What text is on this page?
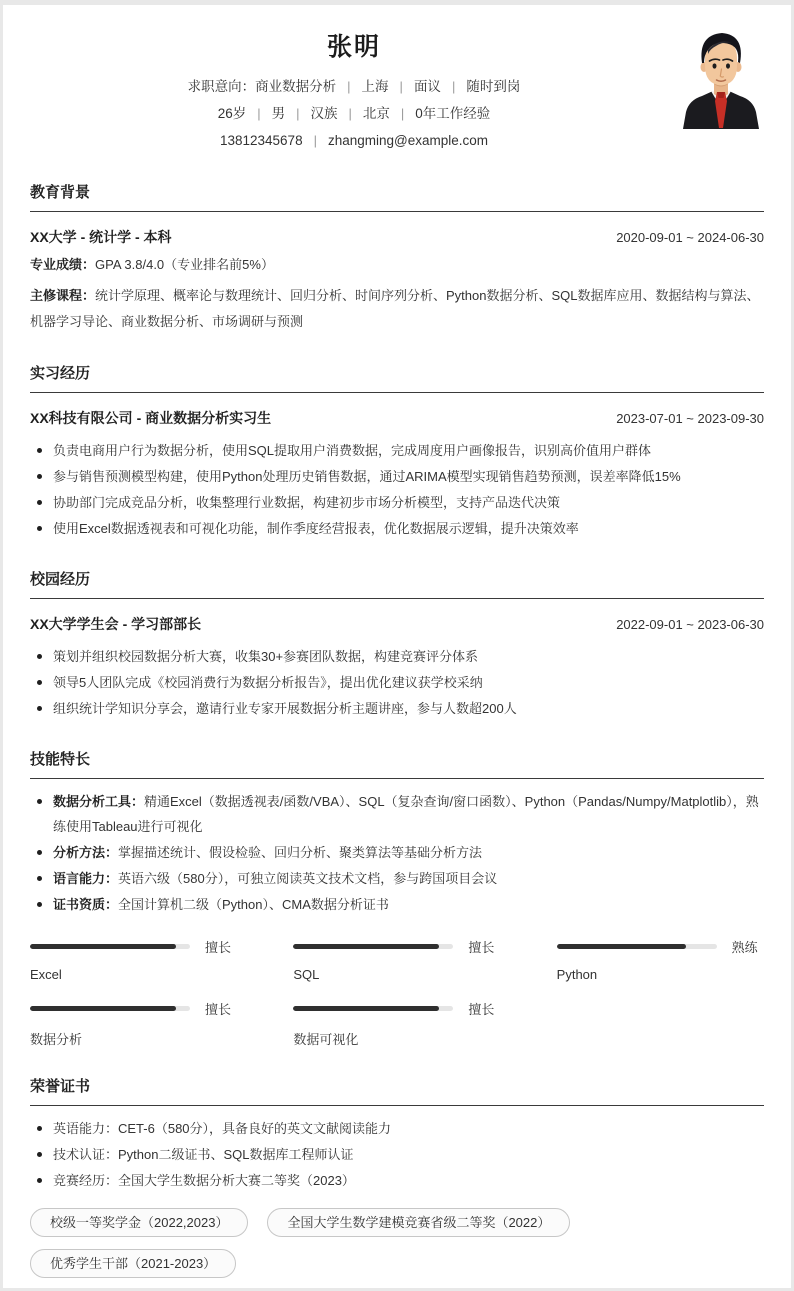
张明
求职意向：商业数据分析 | 上海 | 面议 | 随时到岗
26岁 | 男 | 汉族 | 北京 | 0年工作经验
13812345678 | zhangming@example.com
教育背景
XX大学 - 统计学 - 本科	2020-09-01 ~ 2024-06-30
专业成绩：GPA 3.8/4.0（专业排名前5%）
主修课程：统计学原理、概率论与数理统计、回归分析、时间序列分析、Python数据分析、SQL数据库应用、数据结构与算法、机器学习导论、商业数据分析、市场调研与预测
实习经历
XX科技有限公司 - 商业数据分析实习生	2023-07-01 ~ 2023-09-30
负责电商用户行为数据分析，使用SQL提取用户消费数据，完成周度用户画像报告，识别高价值用户群体
参与销售预测模型构建，使用Python处理历史销售数据，通过ARIMA模型实现销售趋势预测，误差率降低15%
协助部门完成竞品分析，收集整理行业数据，构建初步市场分析模型，支持产品迭代决策
使用Excel数据透视表和可视化功能，制作季度经营报表，优化数据展示逻辑，提升决策效率
校园经历
XX大学学生会 - 学习部部长	2022-09-01 ~ 2023-06-30
策划并组织校园数据分析大赛，收集30+参赛团队数据，构建竞赛评分体系
领导5人团队完成《校园消费行为数据分析报告》，提出优化建议获学校采纳
组织统计学知识分享会，邀请行业专家开展数据分析主题讲座，参与人数超200人
技能特长
数据分析工具：精通Excel（数据透视表/函数/VBA）、SQL（复杂查询/窗口函数）、Python（Pandas/Numpy/Matplotlib），熟练使用Tableau进行可视化
分析方法：掌握描述统计、假设检验、回归分析、聚类算法等基础分析方法
语言能力：英语六级（580分），可独立阅读英文技术文档，参与跨国项目会议
证书资质：全国计算机二级（Python）、CMA数据分析证书
擅长
Excel
擅长
SQL
熟练
Python
擅长
数据分析
擅长
数据可视化
荣誉证书
英语能力：CET-6（580分），具备良好的英文文献阅读能力
技术认证：Python二级证书、SQL数据库工程师认证
竞赛经历：全国大学生数据分析大赛二等奖（2023）
校级一等奖学金（2022,2023）	全国大学生数学建模竞赛省级二等奖（2022）
优秀学生干部（2021-2023）
